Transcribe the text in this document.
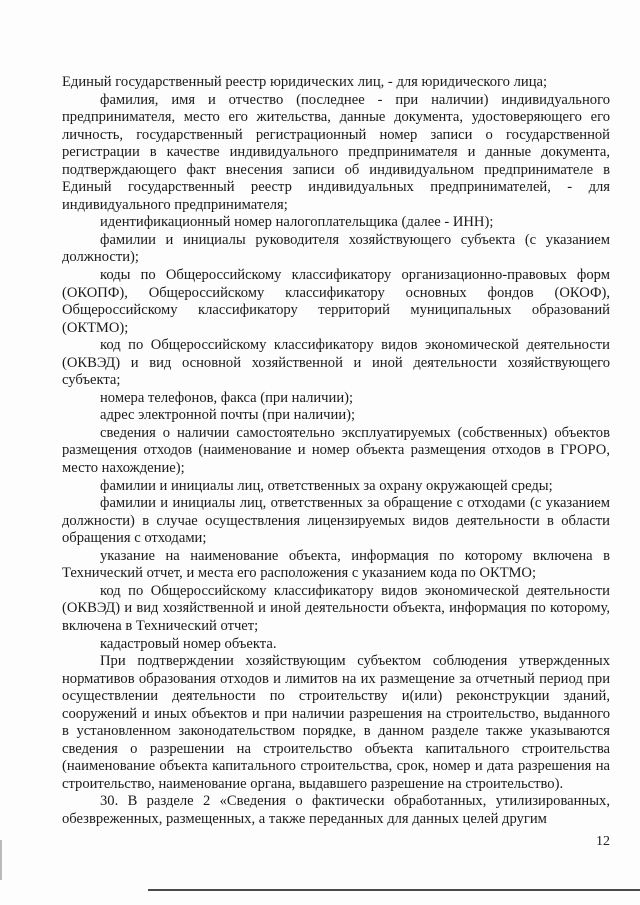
Единый государственный реестр юридических лиц, - для юридического лица;

фамилия, имя и отчество (последнее - при наличии) индивидуального предпринимателя, место его жительства, данные документа, удостоверяющего его личность, государственный регистрационный номер записи о государственной регистрации в качестве индивидуального предпринимателя и данные документа, подтверждающего факт внесения записи об индивидуальном предпринимателе в Единый государственный реестр индивидуальных предпринимателей, - для индивидуального предпринимателя;

идентификационный номер налогоплательщика (далее - ИНН);

фамилии и инициалы руководителя хозяйствующего субъекта (с указанием должности);

коды по Общероссийскому классификатору организационно-правовых форм (ОКОПФ), Общероссийскому классификатору основных фондов (ОКОФ), Общероссийскому классификатору территорий муниципальных образований (ОКТМО);

код по Общероссийскому классификатору видов экономической деятельности (ОКВЭД) и вид основной хозяйственной и иной деятельности хозяйствующего субъекта;

номера телефонов, факса (при наличии);

адрес электронной почты (при наличии);

сведения о наличии самостоятельно эксплуатируемых (собственных) объектов размещения отходов (наименование и номер объекта размещения отходов в ГРОРО, место нахождение);

фамилии и инициалы лиц, ответственных за охрану окружающей среды;

фамилии и инициалы лиц, ответственных за обращение с отходами (с указанием должности) в случае осуществления лицензируемых видов деятельности в области обращения с отходами;

указание на наименование объекта, информация по которому включена в Технический отчет, и места его расположения с указанием кода по ОКТМО;

код по Общероссийскому классификатору видов экономической деятельности (ОКВЭД) и вид хозяйственной и иной деятельности объекта, информация по которому, включена в Технический отчет;

кадастровый номер объекта.

При подтверждении хозяйствующим субъектом соблюдения утвержденных нормативов образования отходов и лимитов на их размещение за отчетный период при осуществлении деятельности по строительству и(или) реконструкции зданий, сооружений и иных объектов и при наличии разрешения на строительство, выданного в установленном законодательством порядке, в данном разделе также указываются сведения о разрешении на строительство объекта капитального строительства (наименование объекта капитального строительства, срок, номер и дата разрешения на строительство, наименование органа, выдавшего разрешение на строительство).

30. В разделе 2 «Сведения о фактически обработанных, утилизированных, обезвреженных, размещенных, а также переданных для данных целей другим

12
